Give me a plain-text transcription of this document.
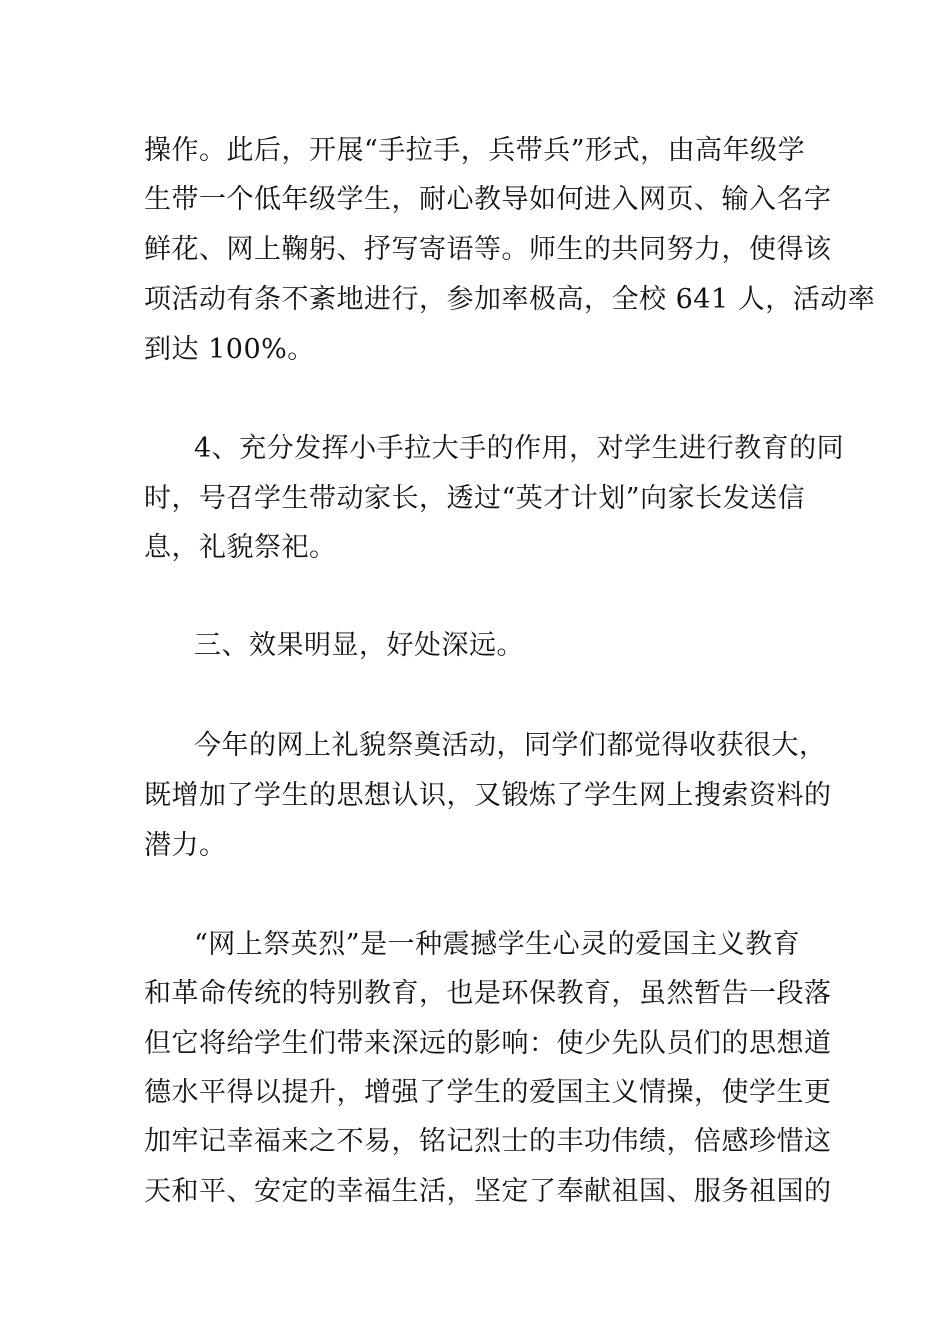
操作。此后，开展“手拉手，兵带兵”形式，由高年级学
生带一个低年级学生，耐心教导如何进入网页、输入名字
鲜花、网上鞠躬、抒写寄语等。师生的共同努力，使得该
项活动有条不紊地进行，参加率极高，全校 641 人，活动率
到达 100%。
4、充分发挥小手拉大手的作用，对学生进行教育的同
时，号召学生带动家长，透过“英才计划”向家长发送信
息，礼貌祭祀。
三、效果明显，好处深远。
今年的网上礼貌祭奠活动，同学们都觉得收获很大，
既增加了学生的思想认识，又锻炼了学生网上搜索资料的
潜力。
“网上祭英烈”是一种震撼学生心灵的爱国主义教育
和革命传统的特别教育，也是环保教育，虽然暂告一段落
但它将给学生们带来深远的影响：使少先队员们的思想道
德水平得以提升，增强了学生的爱国主义情操，使学生更
加牢记幸福来之不易，铭记烈士的丰功伟绩，倍感珍惜这
天和平、安定的幸福生活，坚定了奉献祖国、服务祖国的
